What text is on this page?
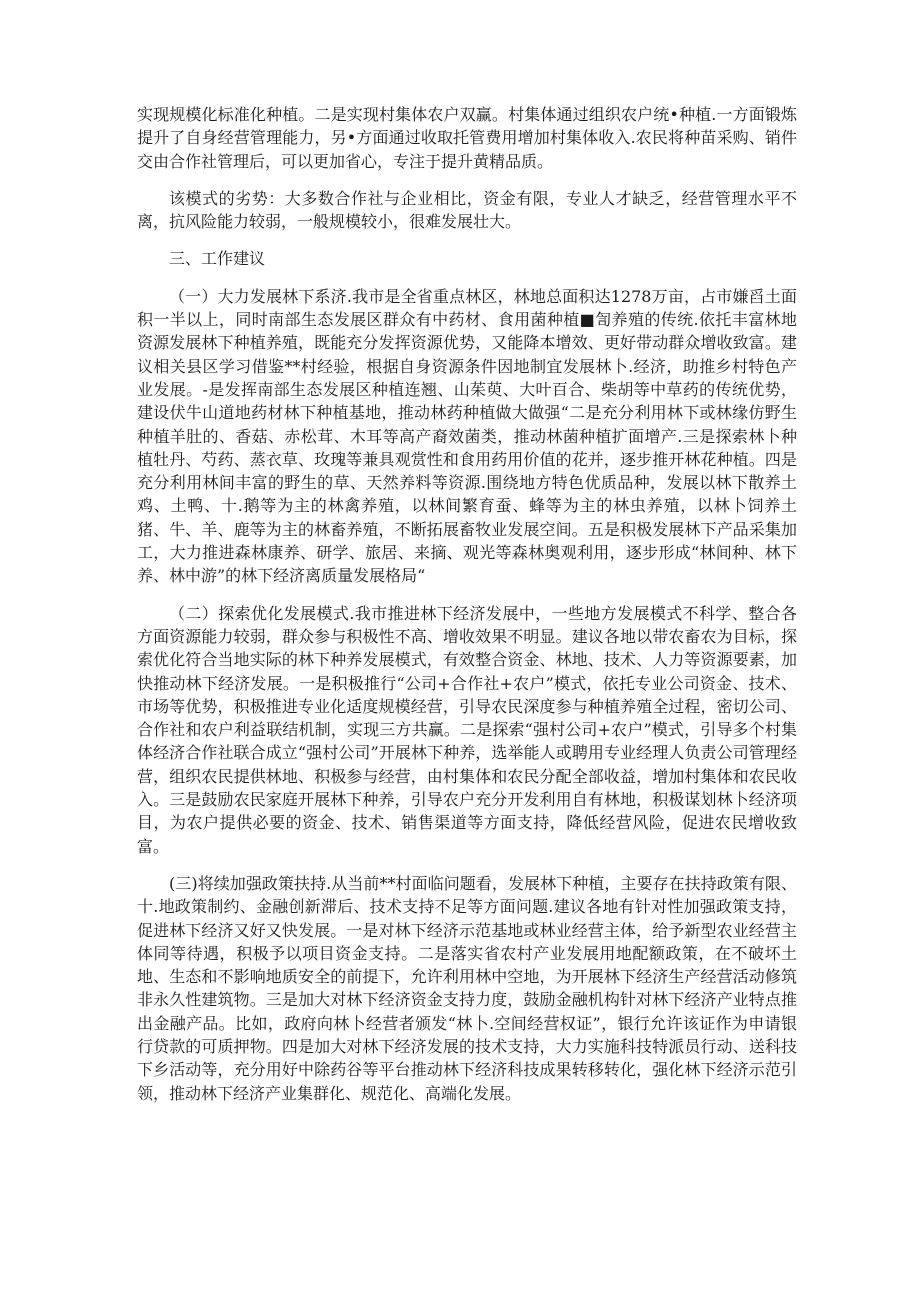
实现规模化标准化种植。二是实现村集体农户双赢。村集体通过组织农户统•种植.一方面锻炼提升了自身经营管理能力，另•方面通过收取托管费用增加村集体收入.农民将种苗采购、销件交由合作社管理后，可以更加省心，专注于提升黄精品质。

该模式的劣势：大多数合作社与企业相比，资金有限，专业人才缺乏，经营管理水平不离，抗风险能力较弱，一般规模较小，很难发展壮大。

三、工作建议

（一）大力发展林下系济.我市是全省重点林区，林地总面积达1278万亩，占市嫌舀土面积一半以上，同时南部生态发展区群众有中药材、食用菌种植■訇养殖的传统.依托丰富林地资源发展林下种植养殖，既能充分发挥资源优势，又能降本增效、更好带动群众增收致富。建议相关县区学习借鉴**村经验，根据自身资源条件因地制宜发展林卜.经济，助推乡村特色产业发展。-是发挥南部生态发展区种植连翘、山茱萸、大叶百合、柴胡等中草药的传统优势，建设伏牛山道地药材林下种植基地，推动林药种植做大做强“二是充分利用林下或林缘仿野生种植羊肚的、香菇、赤松茸、木耳等高产裔效菌类，推动林菌种植扩面增产.三是探索林卜种植牡丹、芍药、蒸衣草、玫瑰等兼具观赏性和食用药用价值的花并，逐步推开林花种植。四是充分利用林间丰富的野生的草、天然养料等资源.围绕地方特色优质品种，发展以林下散养土鸡、土鸭、十.鹅等为主的林禽养殖，以林间繁育蚕、蜂等为主的林虫养殖，以林卜饲养土猪、牛、羊、鹿等为主的林畜养殖，不断拓展畜牧业发展空间。五是积极发展林下产品采集加工，大力推进森林康养、研学、旅居、来摘、观光等森林奥观利用，逐步形成“林间种、林下养、林中游”的林下经济离质量发展格局“

（二）探索优化发展模式.我市推进林下经济发展中，一些地方发展模式不科学、整合各方面资源能力较弱，群众参与积极性不高、增收效果不明显。建议各地以带农畜农为目标，探索优化符合当地实际的林下种养发展模式，有效整合资金、林地、技术、人力等资源要素，加快推动林下经济发展。一是积极推行“公司+合作社+农户”模式，依托专业公司资金、技术、市场等优势，积极推进专业化适度规模经营，引导农民深度参与种植养殖全过程，密切公司、合作社和农户利益联结机制，实现三方共赢。二是探索“强村公司+农户”模式，引导多个村集体经济合作社联合成立“强村公司”开展林下种养，选举能人或聘用专业经理人负责公司管理经营，组织农民提供林地、积极参与经营，由村集体和农民分配全部收益，增加村集体和农民收入。三是鼓励农民家庭开展林下种养，引导农户充分开发利用自有林地，积极谋划林卜经济项目，为农户提供必要的资金、技术、销售渠道等方面支持，降低经营风险，促进农民增收致富。

(三)将续加强政策扶持.从当前**村面临问题看，发展林下种植，主要存在扶持政策有限、十.地政策制约、金融创新滞后、技术支持不足等方面问题.建议各地有针对性加强政策支持，促进林下经济又好又快发展。一是对林下经济示范基地或林业经营主体，给予新型农业经营主体同等待遇，积极予以项目资金支持。二是落实省农村产业发展用地配额政策，在不破坏土地、生态和不影响地质安全的前提下，允许利用林中空地，为开展林下经济生产经营活动修筑非永久性建筑物。三是加大对林下经济资金支持力度，鼓励金融机构针对林下经济产业特点推出金融产品。比如，政府向林卜经营者颁发“林卜.空间经营权证”，银行允许该证作为申请银行贷款的可质押物。四是加大对林下经济发展的技术支持，大力实施科技特派员行动、送科技下乡活动等，充分用好中除药谷等平台推动林下经济科技成果转移转化，强化林下经济示范引领，推动林下经济产业集群化、规范化、高端化发展。
